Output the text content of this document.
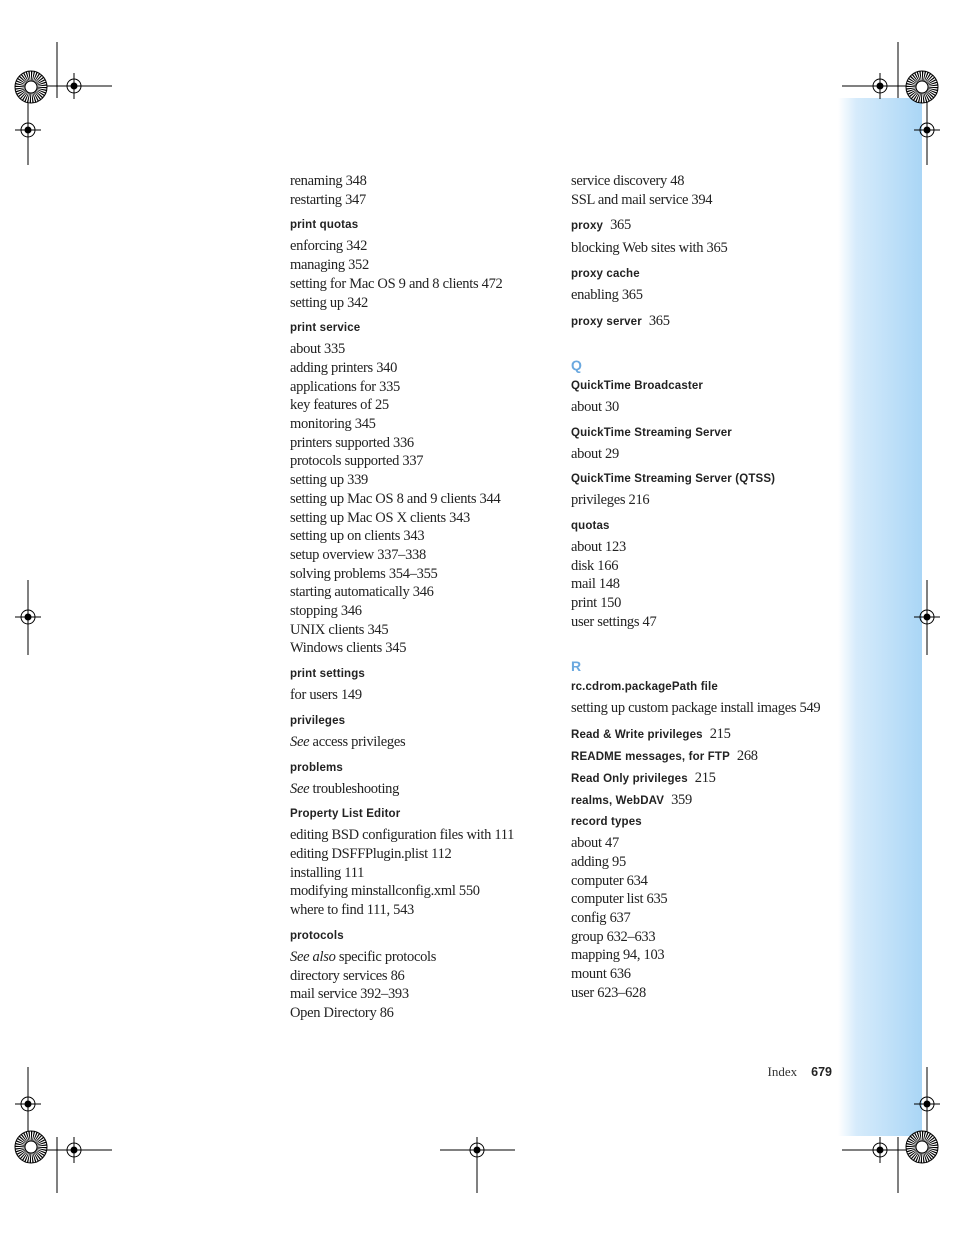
renaming 348
restarting 347
print quotas
enforcing 342
managing 352
setting for Mac OS 9 and 8 clients 472
setting up 342
print service
about 335
adding printers 340
applications for 335
key features of 25
monitoring 345
printers supported 336
protocols supported 337
setting up 339
setting up Mac OS 8 and 9 clients 344
setting up Mac OS X clients 343
setting up on clients 343
setup overview 337–338
solving problems 354–355
starting automatically 346
stopping 346
UNIX clients 345
Windows clients 345
print settings
for users 149
privileges
See access privileges
problems
See troubleshooting
Property List Editor
editing BSD configuration files with 111
editing DSFFPlugin.plist 112
installing 111
modifying minstallconfig.xml 550
where to find 111, 543
protocols
See also specific protocols
directory services 86
mail service 392–393
Open Directory 86
service discovery 48
SSL and mail service 394
proxy 365
blocking Web sites with 365
proxy cache
enabling 365
proxy server 365
Q
QuickTime Broadcaster
about 30
QuickTime Streaming Server
about 29
QuickTime Streaming Server (QTSS)
privileges 216
quotas
about 123
disk 166
mail 148
print 150
user settings 47
R
rc.cdrom.packagePath file
setting up custom package install images 549
Read & Write privileges 215
README messages, for FTP 268
Read Only privileges 215
realms, WebDAV 359
record types
about 47
adding 95
computer 634
computer list 635
config 637
group 632–633
mapping 94, 103
mount 636
user 623–628
Index 679
